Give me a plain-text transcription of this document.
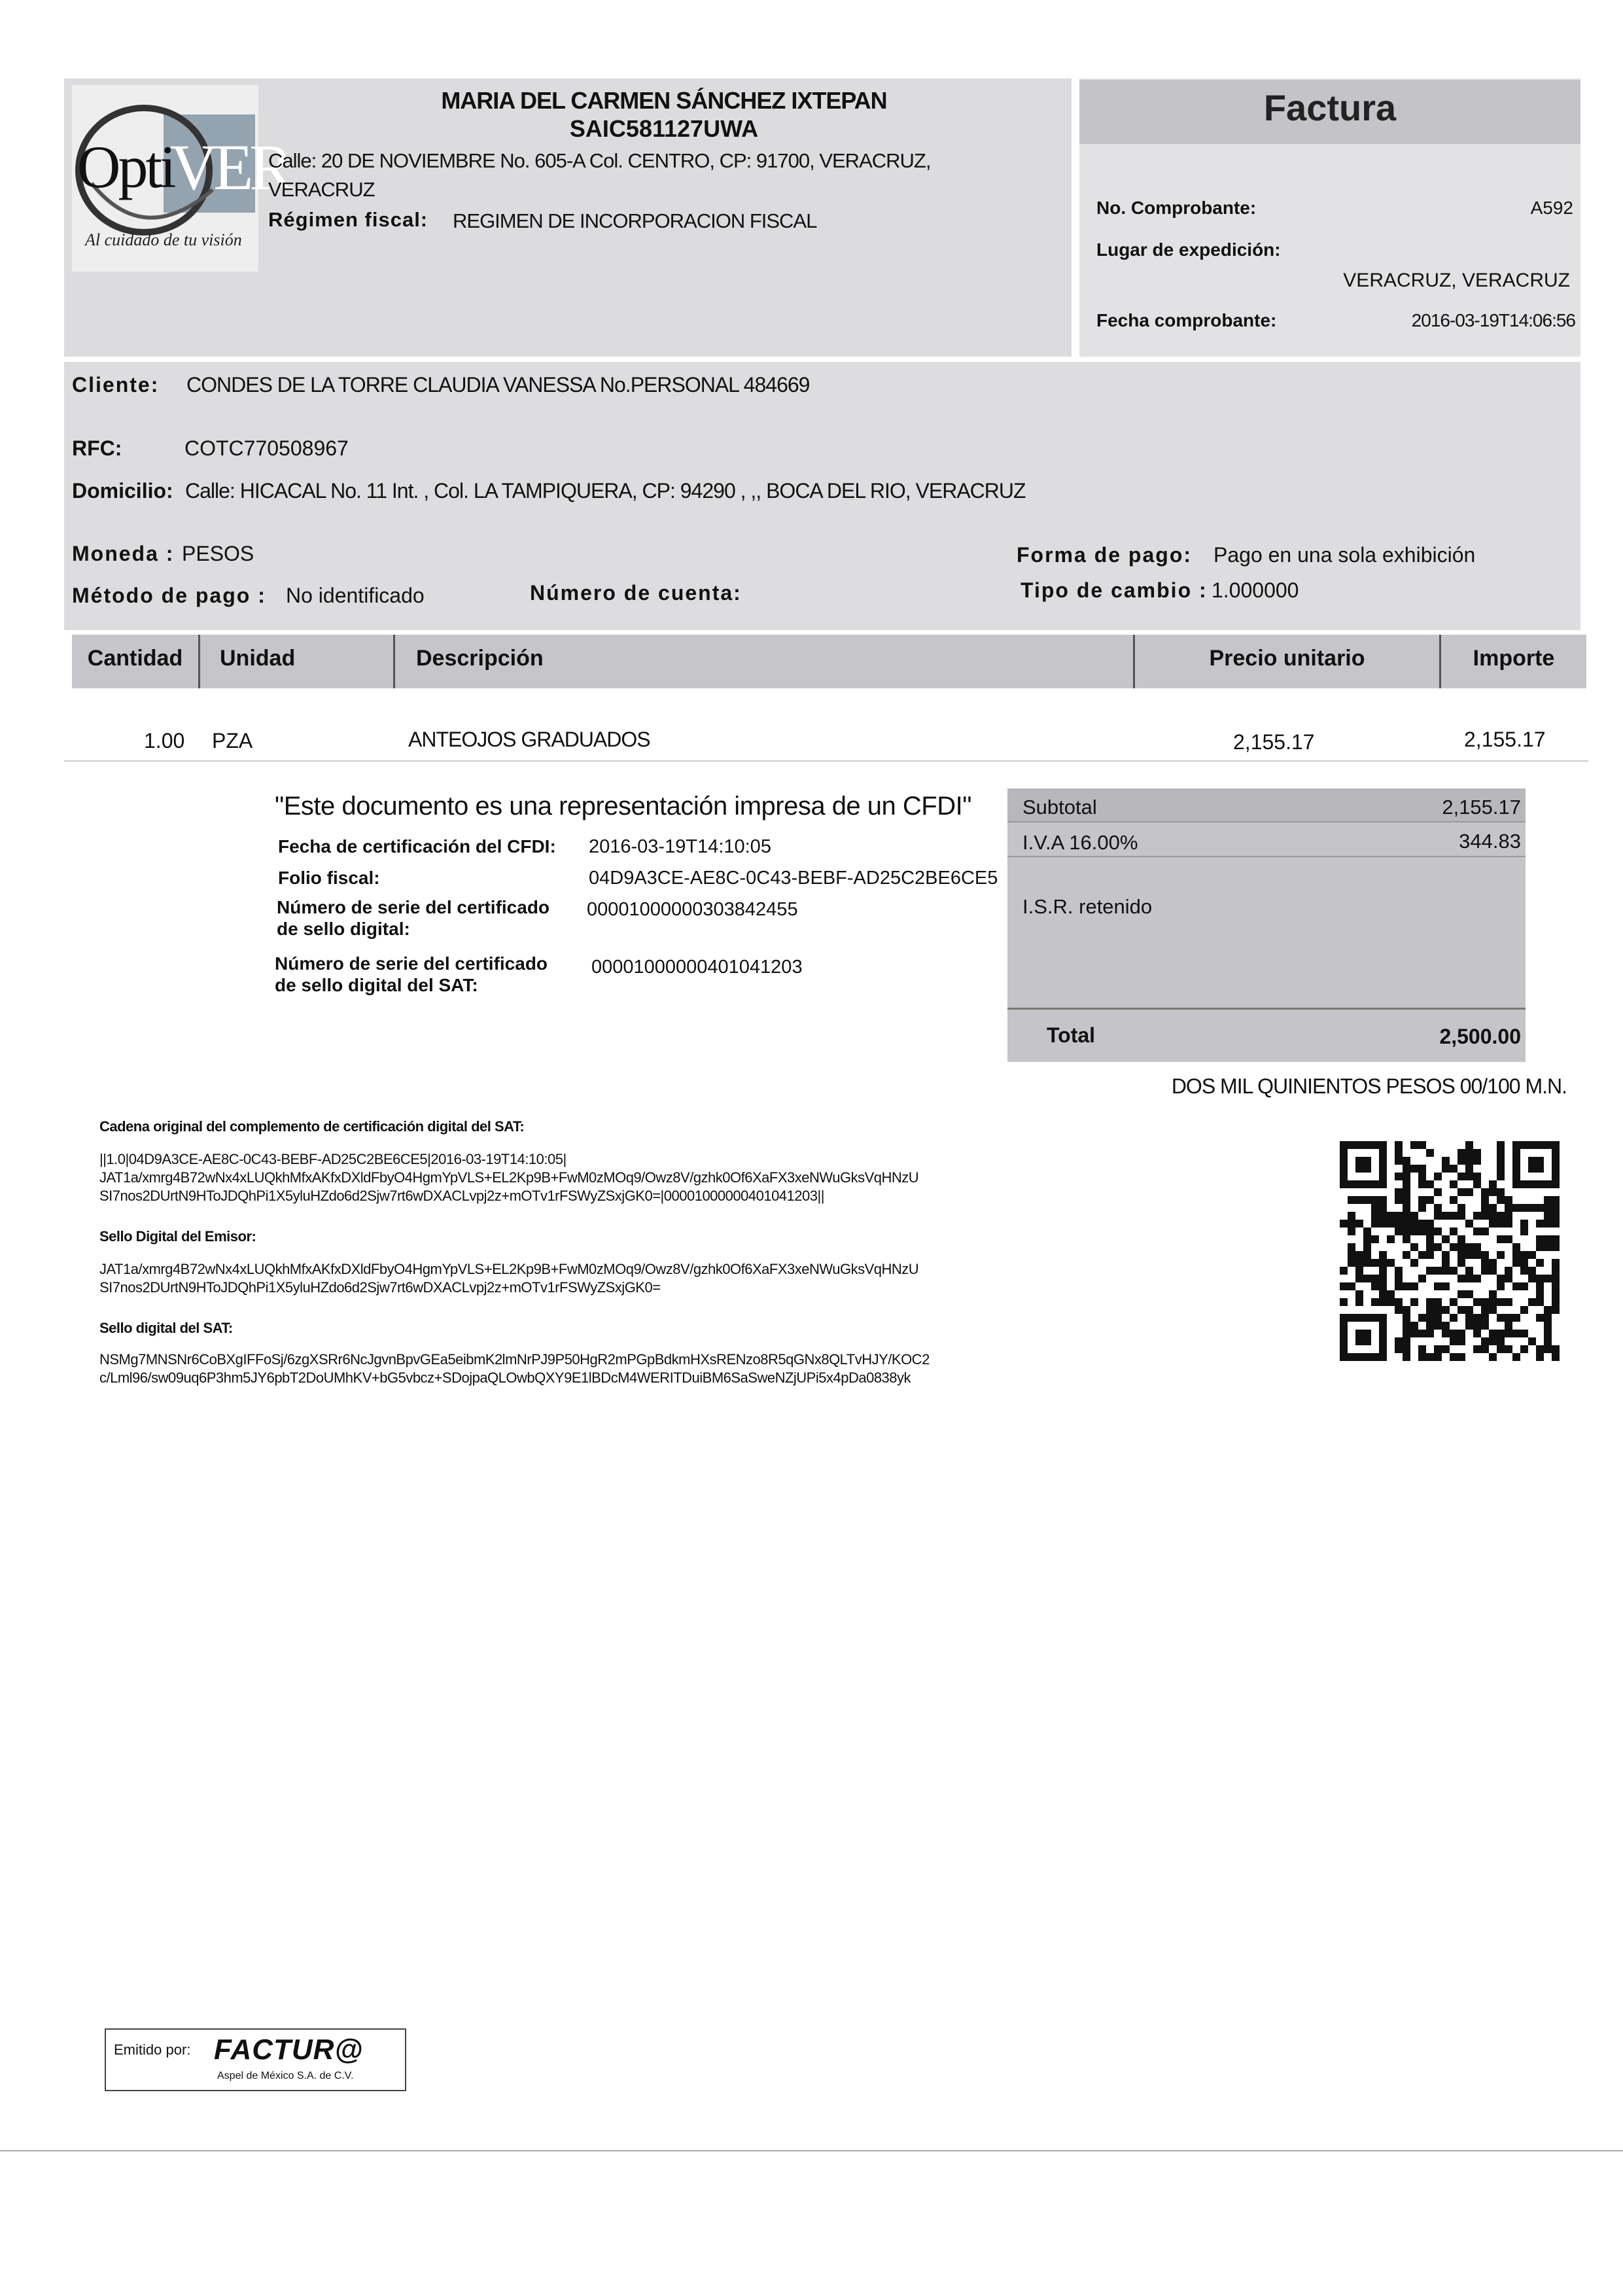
Opti
VER
Al cuidado de tu visión
MARIA DEL CARMEN SÁNCHEZ IXTEPAN
SAIC581127UWA
Calle: 20 DE NOVIEMBRE No. 605-A Col. CENTRO, CP: 91700, VERACRUZ,
VERACRUZ
Régimen fiscal: REGIMEN DE INCORPORACION FISCAL
Factura
No. Comprobante:	A592
Lugar de expedición:
VERACRUZ, VERACRUZ
Fecha comprobante:	2016-03-19T14:06:56
Cliente: CONDES DE LA TORRE CLAUDIA VANESSA No.PERSONAL 484669
RFC:	COTC770508967
Domicilio: Calle: HICACAL No. 11 Int. , Col. LA TAMPIQUERA, CP: 94290 , ,, BOCA DEL RIO, VERACRUZ
Moneda : PESOS
Método de pago : No identificado	Número de cuenta:
Forma de pago: Pago en una sola exhibición
Tipo de cambio : 1.000000
Cantidad	Unidad	Descripción	Precio unitario	Importe
1.00 PZA	ANTEOJOS GRADUADOS	2,155.17	2,155.17
"Este documento es una representación impresa de un CFDI"
Fecha de certificación del CFDI: 2016-03-19T14:10:05
Folio fiscal:	04D9A3CE-AE8C-0C43-BEBF-AD25C2BE6CE5
Número de serie del certificado
de sello digital:
00001000000303842455
Número de serie del certificado
de sello digital del SAT:
00001000000401041203
Subtotal	2,155.17
I.V.A 16.00%	344.83
I.S.R. retenido
Total	2,500.00
DOS MIL QUINIENTOS PESOS 00/100 M.N.
Cadena original del complemento de certificación digital del SAT:
||1.0|04D9A3CE-AE8C-0C43-BEBF-AD25C2BE6CE5|2016-03-19T14:10:05|
JAT1a/xmrg4B72wNx4xLUQkhMfxAKfxDXldFbyO4HgmYpVLS+EL2Kp9B+FwM0zMOq9/Owz8V/gzhk0Of6XaFX3xeNWuGksVqHNzU
SI7nos2DUrtN9HToJDQhPi1X5yluHZdo6d2Sjw7rt6wDXACLvpj2z+mOTv1rFSWyZSxjGK0=|00001000000401041203||
Sello Digital del Emisor:
JAT1a/xmrg4B72wNx4xLUQkhMfxAKfxDXldFbyO4HgmYpVLS+EL2Kp9B+FwM0zMOq9/Owz8V/gzhk0Of6XaFX3xeNWuGksVqHNzU
SI7nos2DUrtN9HToJDQhPi1X5yluHZdo6d2Sjw7rt6wDXACLvpj2z+mOTv1rFSWyZSxjGK0=
Sello digital del SAT:
NSMg7MNSNr6CoBXgIFFoSj/6zgXSRr6NcJgvnBpvGEa5eibmK2lmNrPJ9P50HgR2mPGpBdkmHXsRENzo8R5qGNx8QLTvHJY/KOC2
c/Lml96/sw09uq6P3hm5JY6pbT2DoUMhKV+bG5vbcz+SDojpaQLOwbQXY9E1lBDcM4WERITDuiBM6SaSweNZjUPi5x4pDa0838yk
Emitido por: FACTUR@
Aspel de México S.A. de C.V.
